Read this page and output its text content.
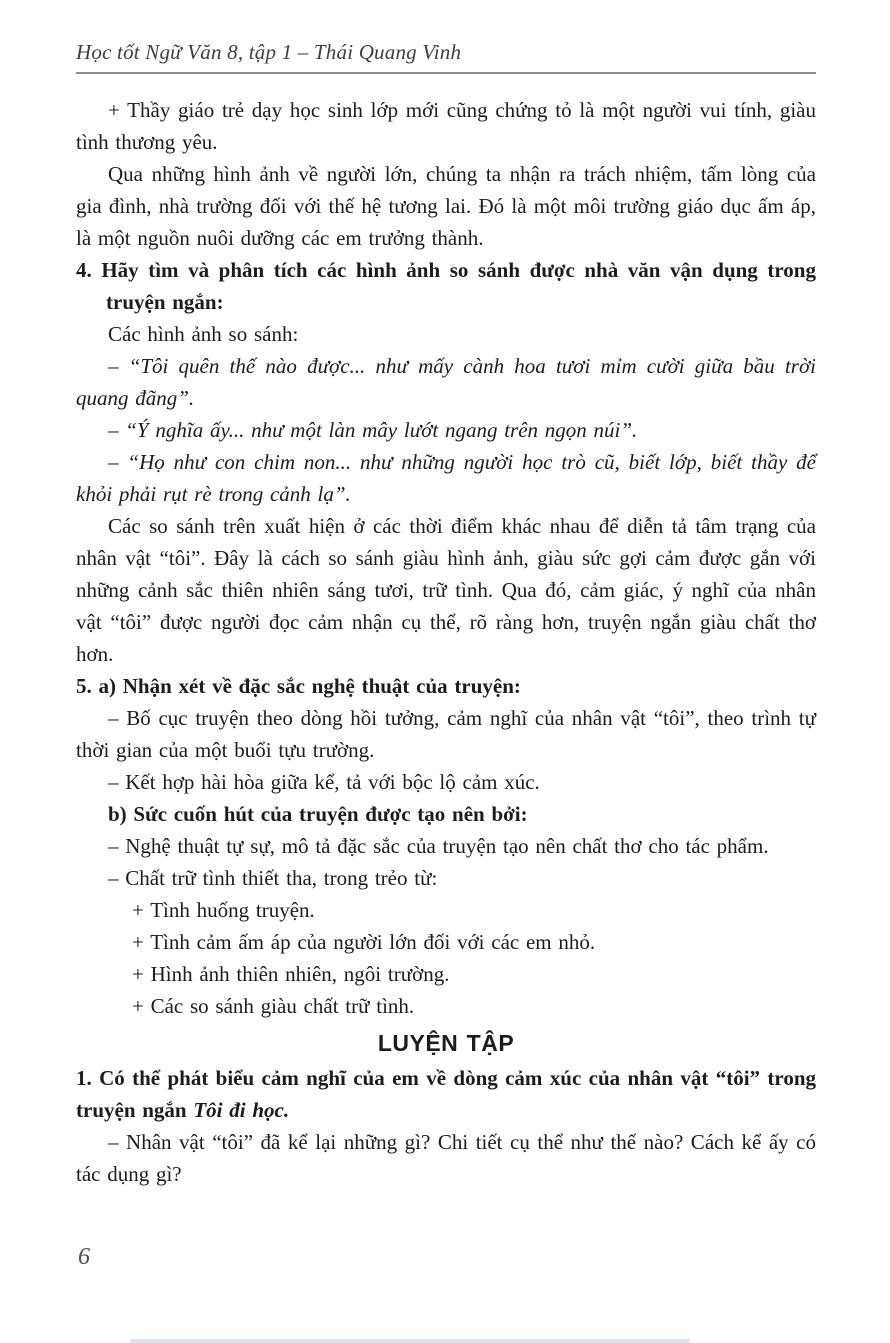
Học tốt Ngữ Văn 8, tập 1 – Thái Quang Vinh

+ Thầy giáo trẻ dạy học sinh lớp mới cũng chứng tỏ là một người vui tính, giàu tình thương yêu.

Qua những hình ảnh về người lớn, chúng ta nhận ra trách nhiệm, tấm lòng của gia đình, nhà trường đối với thế hệ tương lai. Đó là một môi trường giáo dục ấm áp, là một nguồn nuôi dưỡng các em trưởng thành.

4. Hãy tìm và phân tích các hình ảnh so sánh được nhà văn vận dụng trong truyện ngắn:

Các hình ảnh so sánh:

– “Tôi quên thế nào được... như mấy cành hoa tươi mỉm cười giữa bầu trời quang đãng”.

– “Ý nghĩa ấy... như một làn mây lướt ngang trên ngọn núi”.

– “Họ như con chim non... như những người học trò cũ, biết lớp, biết thầy để khỏi phải rụt rè trong cảnh lạ”.

Các so sánh trên xuất hiện ở các thời điểm khác nhau để diễn tả tâm trạng của nhân vật “tôi”. Đây là cách so sánh giàu hình ảnh, giàu sức gợi cảm được gắn với những cảnh sắc thiên nhiên sáng tươi, trữ tình. Qua đó, cảm giác, ý nghĩ của nhân vật “tôi” được người đọc cảm nhận cụ thể, rõ ràng hơn, truyện ngắn giàu chất thơ hơn.

5. a) Nhận xét về đặc sắc nghệ thuật của truyện:

– Bố cục truyện theo dòng hồi tưởng, cảm nghĩ của nhân vật “tôi”, theo trình tự thời gian của một buổi tựu trường.

– Kết hợp hài hòa giữa kể, tả với bộc lộ cảm xúc.

b) Sức cuốn hút của truyện được tạo nên bởi:

– Nghệ thuật tự sự, mô tả đặc sắc của truyện tạo nên chất thơ cho tác phẩm.

– Chất trữ tình thiết tha, trong trẻo từ:

+ Tình huống truyện.

+ Tình cảm ấm áp của người lớn đối với các em nhỏ.

+ Hình ảnh thiên nhiên, ngôi trường.

+ Các so sánh giàu chất trữ tình.

LUYỆN TẬP

1. Có thể phát biểu cảm nghĩ của em về dòng cảm xúc của nhân vật “tôi” trong truyện ngắn Tôi đi học.

– Nhân vật “tôi” đã kể lại những gì? Chi tiết cụ thể như thế nào? Cách kể ấy có tác dụng gì?

6
